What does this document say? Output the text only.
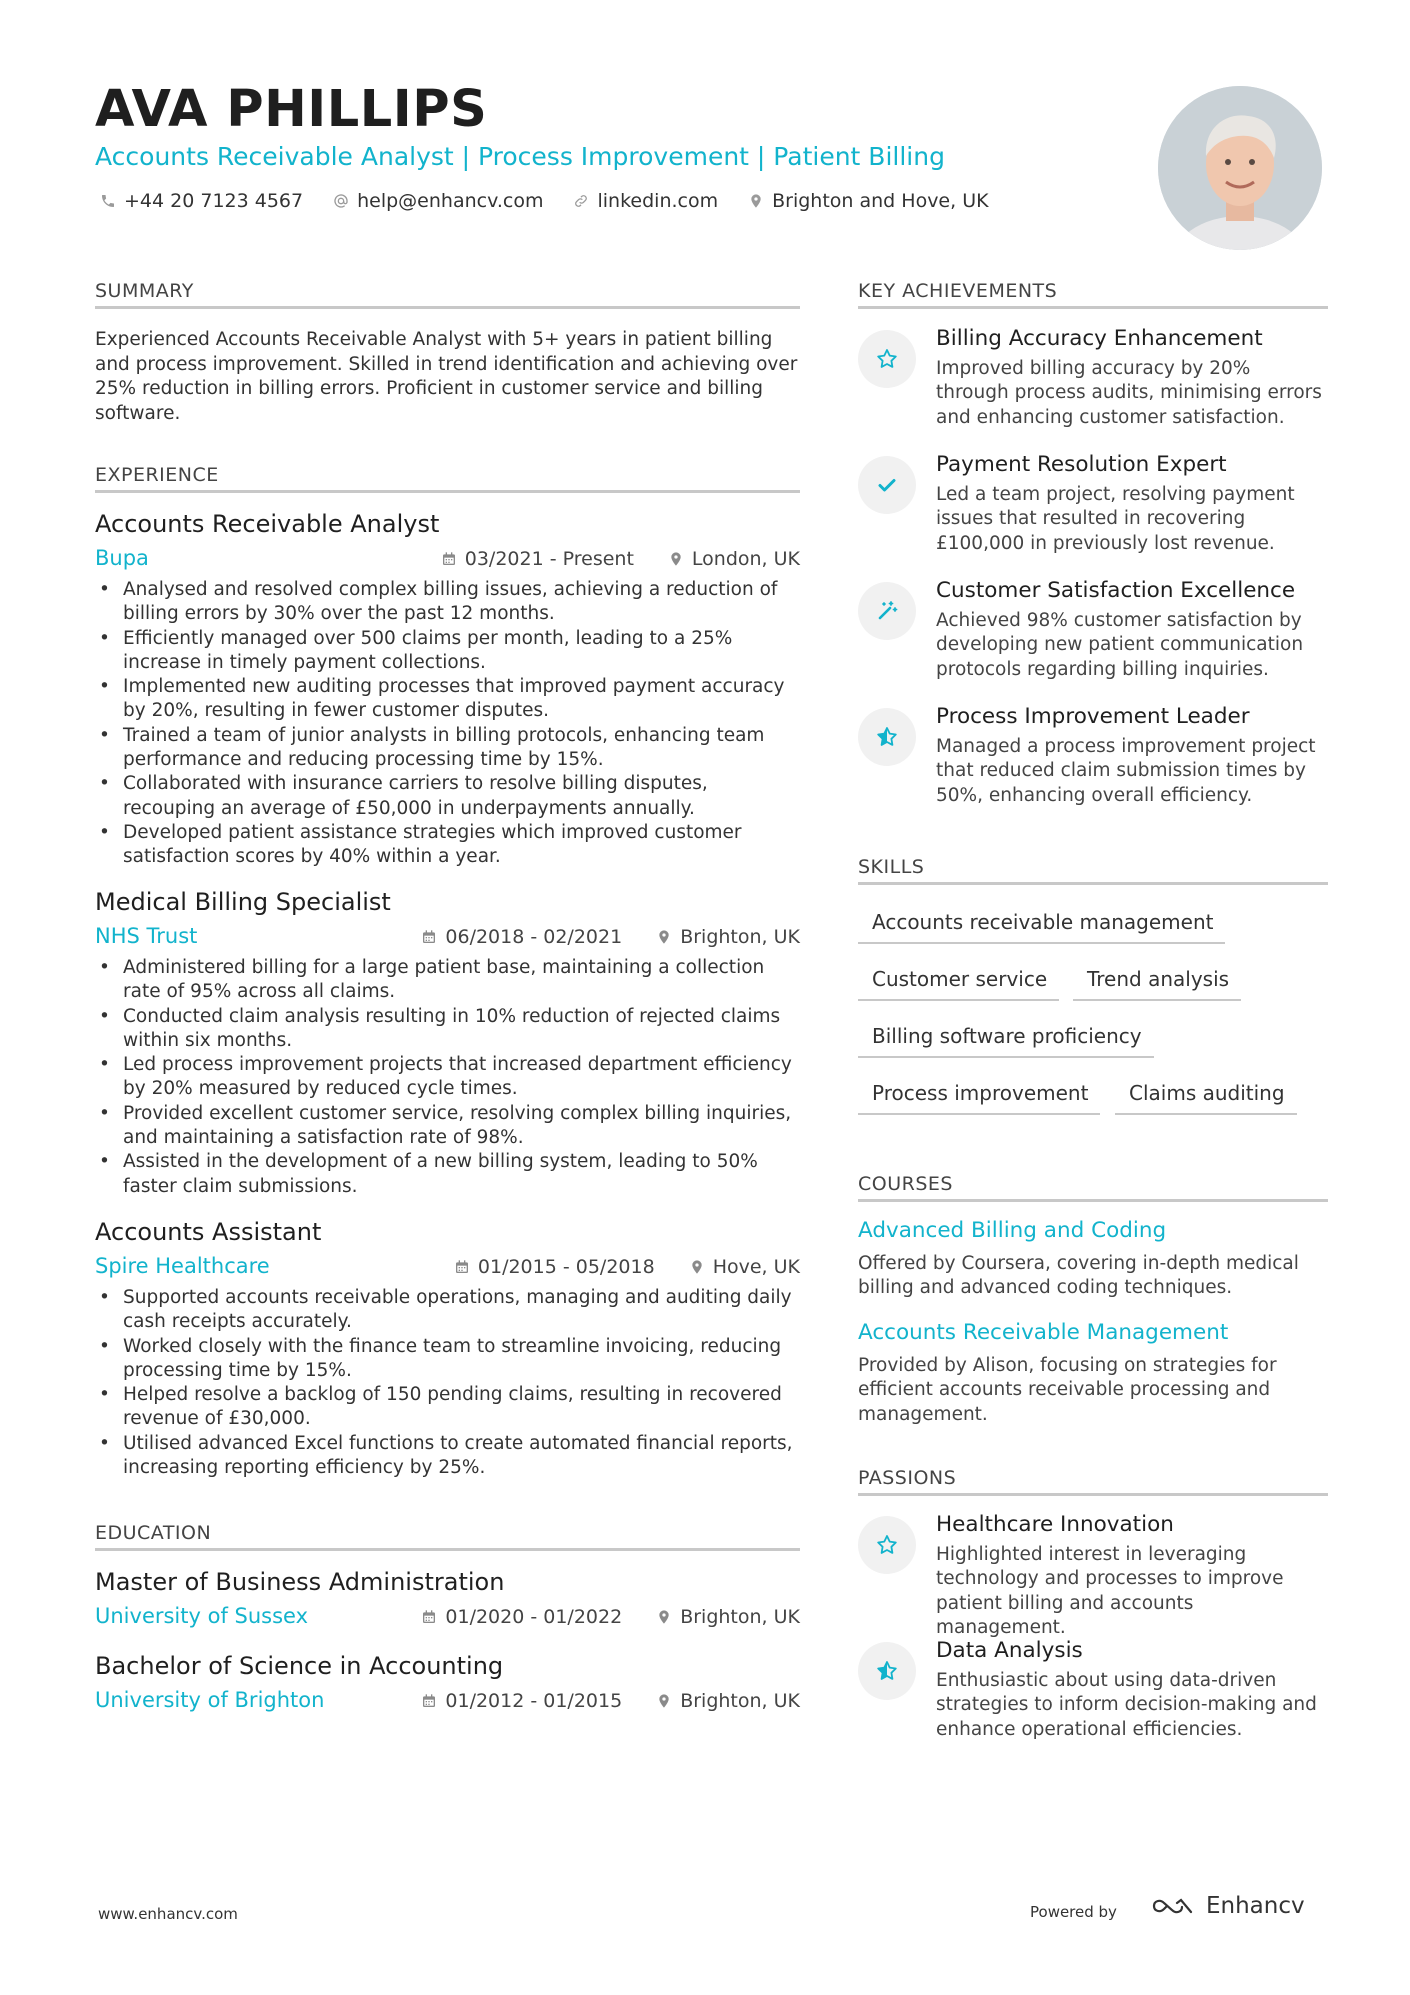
AVA PHILLIPS
Accounts Receivable Analyst | Process Improvement | Patient Billing
+44 20 7123 4567	help@enhancv.com	linkedin.com	Brighton and Hove, UK
SUMMARY
Experienced Accounts Receivable Analyst with 5+ years in patient billing and process improvement. Skilled in trend identification and achieving over 25% reduction in billing errors. Proficient in customer service and billing software.
EXPERIENCE
Accounts Receivable Analyst
Bupa	03/2021 - Present	London, UK
• Analysed and resolved complex billing issues, achieving a reduction of billing errors by 30% over the past 12 months.
• Efficiently managed over 500 claims per month, leading to a 25% increase in timely payment collections.
• Implemented new auditing processes that improved payment accuracy by 20%, resulting in fewer customer disputes.
• Trained a team of junior analysts in billing protocols, enhancing team performance and reducing processing time by 15%.
• Collaborated with insurance carriers to resolve billing disputes, recouping an average of £50,000 in underpayments annually.
• Developed patient assistance strategies which improved customer satisfaction scores by 40% within a year.
Medical Billing Specialist
NHS Trust	06/2018 - 02/2021	Brighton, UK
• Administered billing for a large patient base, maintaining a collection rate of 95% across all claims.
• Conducted claim analysis resulting in 10% reduction of rejected claims within six months.
• Led process improvement projects that increased department efficiency by 20% measured by reduced cycle times.
• Provided excellent customer service, resolving complex billing inquiries, and maintaining a satisfaction rate of 98%.
• Assisted in the development of a new billing system, leading to 50% faster claim submissions.
Accounts Assistant
Spire Healthcare	01/2015 - 05/2018	Hove, UK
• Supported accounts receivable operations, managing and auditing daily cash receipts accurately.
• Worked closely with the finance team to streamline invoicing, reducing processing time by 15%.
• Helped resolve a backlog of 150 pending claims, resulting in recovered revenue of £30,000.
• Utilised advanced Excel functions to create automated financial reports, increasing reporting efficiency by 25%.
EDUCATION
Master of Business Administration
University of Sussex	01/2020 - 01/2022	Brighton, UK
Bachelor of Science in Accounting
University of Brighton	01/2012 - 01/2015	Brighton, UK
KEY ACHIEVEMENTS
Billing Accuracy Enhancement
Improved billing accuracy by 20% through process audits, minimising errors and enhancing customer satisfaction.
Payment Resolution Expert
Led a team project, resolving payment issues that resulted in recovering £100,000 in previously lost revenue.
Customer Satisfaction Excellence
Achieved 98% customer satisfaction by developing new patient communication protocols regarding billing inquiries.
Process Improvement Leader
Managed a process improvement project that reduced claim submission times by 50%, enhancing overall efficiency.
SKILLS
Accounts receivable management
Customer service	Trend analysis
Billing software proficiency
Process improvement	Claims auditing
COURSES
Advanced Billing and Coding
Offered by Coursera, covering in-depth medical billing and advanced coding techniques.
Accounts Receivable Management
Provided by Alison, focusing on strategies for efficient accounts receivable processing and management.
PASSIONS
Healthcare Innovation
Highlighted interest in leveraging technology and processes to improve patient billing and accounts management.
Data Analysis
Enthusiastic about using data-driven strategies to inform decision-making and enhance operational efficiencies.
www.enhancv.com	Powered by	Enhancv
